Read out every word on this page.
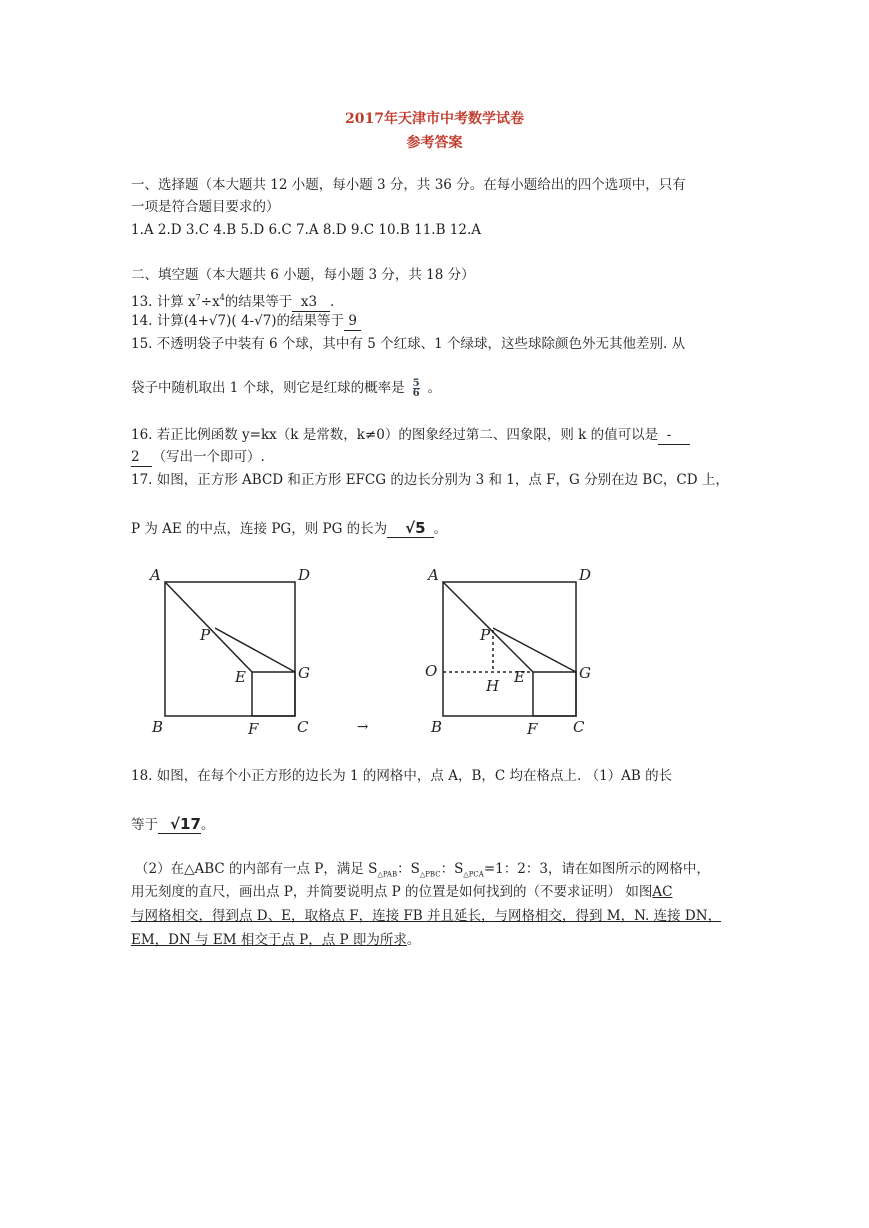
2017年天津市中考数学试卷
参考答案
一、选择题（本大题共 12 小题，每小题 3 分，共 36 分。在每小题给出的四个选项中，只有
一项是符合题目要求的）
1.A 2.D 3.C 4.B 5.D 6.C 7.A 8.D 9.C 10.B 11.B 12.A
二、填空题（本大题共 6 小题，每小题 3 分，共 18 分）
13. 计算 $x^7\div x^4$的结果等于  x3   .
14. 计算(4+√7)( 4-√7)的结果等于 9
15. 不透明袋子中装有 6 个球，其中有 5 个红球、1 个绿球，这些球除颜色外无其他差别. 从
袋子中随机取出 1 个球，则它是红球的概率是 $\frac{5}{6}$ 。
16. 若正比例函数 y=kx（k 是常数，k≠0）的图象经过第二、四象限，则 k 的值可以是  -
2   （写出一个即可）.
17. 如图，正方形 ABCD 和正方形 EFCG 的边长分别为 3 和 1，点 F，G 分别在边 BC，CD 上，
P 为 AE 的中点，连接 PG，则 PG 的长为 √5 。
A	D
P
E	G
B	F	C	→
A	D
P
O
H E	G
B	F C
18. 如图，在每个小正方形的边长为 1 的网格中，点 A，B，C 均在格点上. （1）AB 的长
等于 √17。
（2）在△ABC 的内部有一点 P，满足 $S_{\triangle PAB}$：$S_{\triangle PBC}$：$S_{\triangle PCA}=1$：2：3，请在如图所示的网格中，
用无刻度的直尺，画出点 P，并简要说明点 P 的位置是如何找到的（不要求证明） 如图AC
与网格相交，得到点 D、E，取格点 F，连接 FB 并且延长，与网格相交，得到 M，N. 连接 DN，
EM，DN 与 EM 相交于点 P，点 P 即为所求。
